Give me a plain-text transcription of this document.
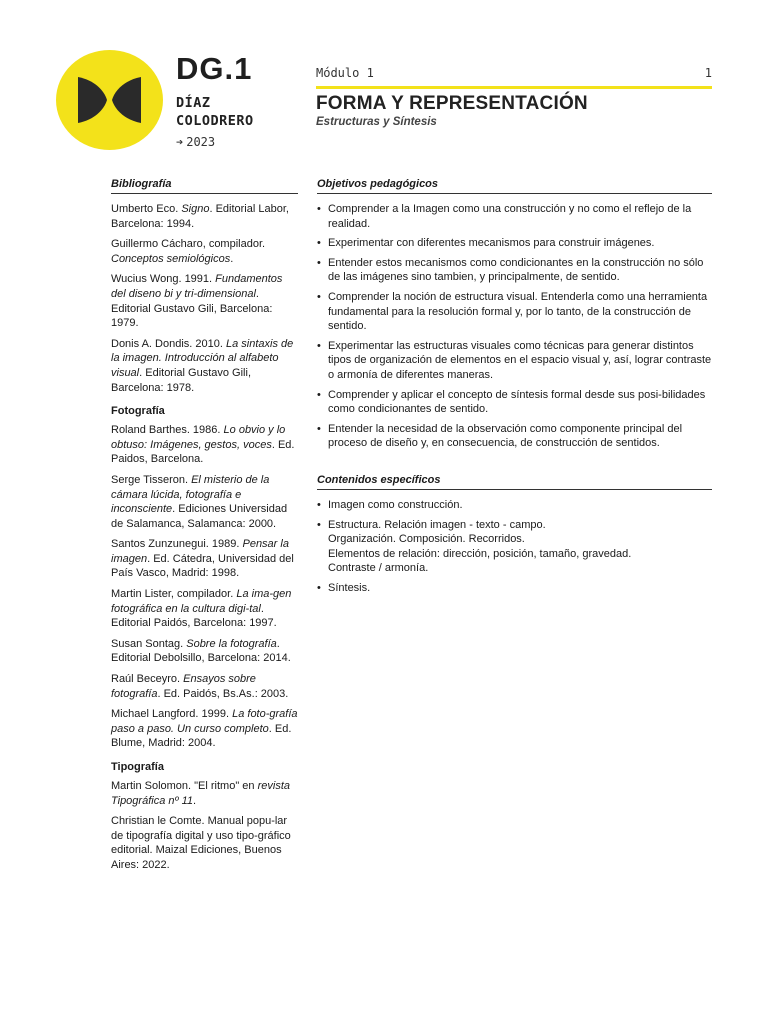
DG.1
DÍAZ
COLODRERO
➔ 2023
Módulo 1	1
FORMA Y REPRESENTACIÓN
Estructuras y Síntesis
Bibliografía
Umberto Eco. Signo. Editorial Labor, Barcelona: 1994.
Guillermo Cácharo, compilador. Conceptos semiológicos.
Wucius Wong. 1991. Fundamentos del diseno bi y tri-dimensional. Editorial Gustavo Gili, Barcelona: 1979.
Donis A. Dondis. 2010. La sintaxis de la imagen. Introducción al alfabeto visual. Editorial Gustavo Gili, Barcelona: 1978.
Fotografía
Roland Barthes. 1986. Lo obvio y lo obtuso: Imágenes, gestos, voces. Ed. Paidos, Barcelona.
Serge Tisseron. El misterio de la cámara lúcida, fotografía e inconsciente. Ediciones Universidad de Salamanca, Salamanca: 2000.
Santos Zunzunegui. 1989. Pensar la imagen. Ed. Cátedra, Universidad del País Vasco, Madrid: 1998.
Martin Lister, compilador. La ima-gen fotográfica en la cultura digi-tal. Editorial Paidós, Barcelona: 1997.
Susan Sontag. Sobre la fotografía. Editorial Debolsillo, Barcelona: 2014.
Raúl Beceyro. Ensayos sobre fotografía. Ed. Paidós, Bs.As.: 2003.
Michael Langford. 1999. La foto-grafía paso a paso. Un curso completo. Ed. Blume, Madrid: 2004.
Tipografía
Martin Solomon. "El ritmo" en revista Tipográfica nº 11.
Christian le Comte. Manual popu-lar de tipografía digital y uso tipo-gráfico editorial. Maizal Ediciones, Buenos Aires: 2022.
Objetivos pedagógicos
• Comprender a la Imagen como una construcción y no como el reflejo de la realidad.
• Experimentar con diferentes mecanismos para construir imágenes.
• Entender estos mecanismos como condicionantes en la construcción no sólo de las imágenes sino tambien, y principalmente, de sentido.
• Comprender la noción de estructura visual. Entenderla como una herramienta fundamental para la resolución formal y, por lo tanto, de la construcción de sentido.
• Experimentar las estructuras visuales como técnicas para generar distintos tipos de organización de elementos en el espacio visual y, así, lograr contraste o armonía de diferentes maneras.
• Comprender y aplicar el concepto de síntesis formal desde sus posi-bilidades como condicionantes de sentido.
• Entender la necesidad de la observación como componente principal del proceso de diseño y, en consecuencia, de construcción de sentidos.
Contenidos específicos
• Imagen como construcción.
• Estructura. Relación imagen - texto - campo.
Organización. Composición. Recorridos.
Elementos de relación: dirección, posición, tamaño, gravedad.
Contraste / armonía.
• Síntesis.
